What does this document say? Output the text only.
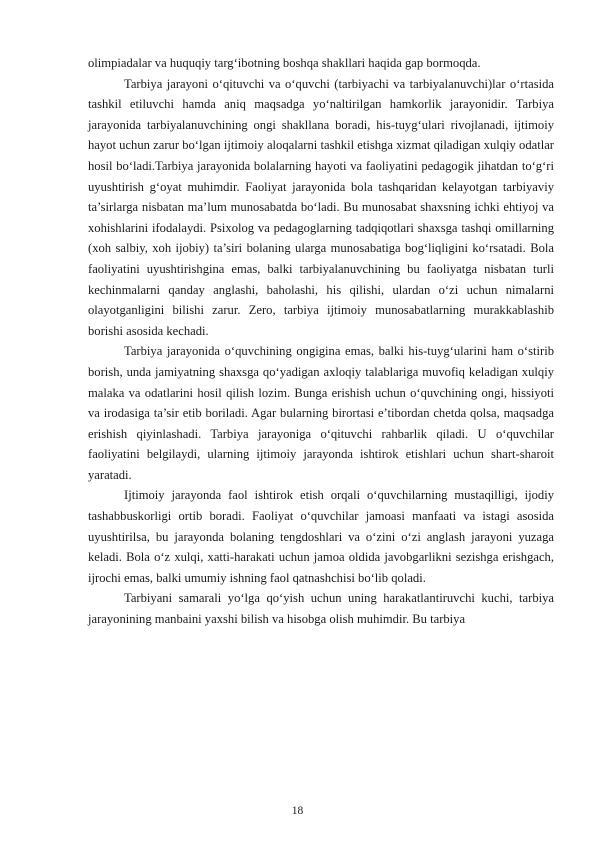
olimpiadalar va huquqiy targ‘ibotning boshqa shakllari haqida gap bormoqda.

Tarbiya jarayoni o‘qituvchi va o‘quvchi (tarbiyachi va tarbiyalanuvchi)lar o‘rtasida tashkil etiluvchi hamda aniq maqsadga yo‘naltirilgan hamkorlik jarayonidir. Tarbiya jarayonida tarbiyalanuvchining ongi shakllana boradi, his-tuyg‘ulari rivojlanadi, ijtimoiy hayot uchun zarur bo‘lgan ijtimoiy aloqalarni tashkil etishga xizmat qiladigan xulqiy odatlar hosil bo‘ladi.Tarbiya jarayonida bolalarning hayoti va faoliyatini pedagogik jihatdan to‘g‘ri uyushtirish g‘oyat muhimdir. Faoliyat jarayonida bola tashqaridan kelayotgan tarbiyaviy ta’sirlarga nisbatan ma’lum munosabatda bo‘ladi. Bu munosabat shaxsning ichki ehtiyoj va xohishlarini ifodalaydi. Psixolog va pedagoglarning tadqiqotlari shaxsga tashqi omillarning (xoh salbiy, xoh ijobiy) ta’siri bolaning ularga munosabatiga bog‘liqligini ko‘rsatadi. Bola faoliyatini uyushtirishgina emas, balki tarbiyalanuvchining bu faoliyatga nisbatan turli kechinmalarni qanday anglashi, baholashi, his qilishi, ulardan o‘zi uchun nimalarni olayotganligini bilishi zarur. Zero, tarbiya ijtimoiy munosabatlarning murakkablashib borishi asosida kechadi.

Tarbiya jarayonida o‘quvchining ongigina emas, balki his-tuyg‘ularini ham o‘stirib borish, unda jamiyatning shaxsga qo‘yadigan axloqiy talablariga muvofiq keladigan xulqiy malaka va odatlarini hosil qilish lozim. Bunga erishish uchun o‘quvchining ongi, hissiyoti va irodasiga ta’sir etib boriladi. Agar bularning birortasi e’tibordan chetda qolsa, maqsadga erishish qiyinlashadi. Tarbiya jarayoniga o‘qituvchi rahbarlik qiladi. U o‘quvchilar faoliyatini belgilaydi, ularning ijtimoiy jarayonda ishtirok etishlari uchun shart-sharoit yaratadi.

Ijtimoiy jarayonda faol ishtirok etish orqali o‘quvchilarning mustaqilligi, ijodiy tashabbuskorligi ortib boradi. Faoliyat o‘quvchilar jamoasi manfaati va istagi asosida uyushtirilsa, bu jarayonda bolaning tengdoshlari va o‘zini o‘zi anglash jarayoni yuzaga keladi. Bola o‘z xulqi, xatti-harakati uchun jamoa oldida javobgarlikni sezishga erishgach, ijrochi emas, balki umumiy ishning faol qatnashchisi bo‘lib qoladi.

Tarbiyani samarali yo‘lga qo‘yish uchun uning harakatlantiruvchi kuchi, tarbiya jarayonining manbaini yaxshi bilish va hisobga olish muhimdir. Bu tarbiya

18
